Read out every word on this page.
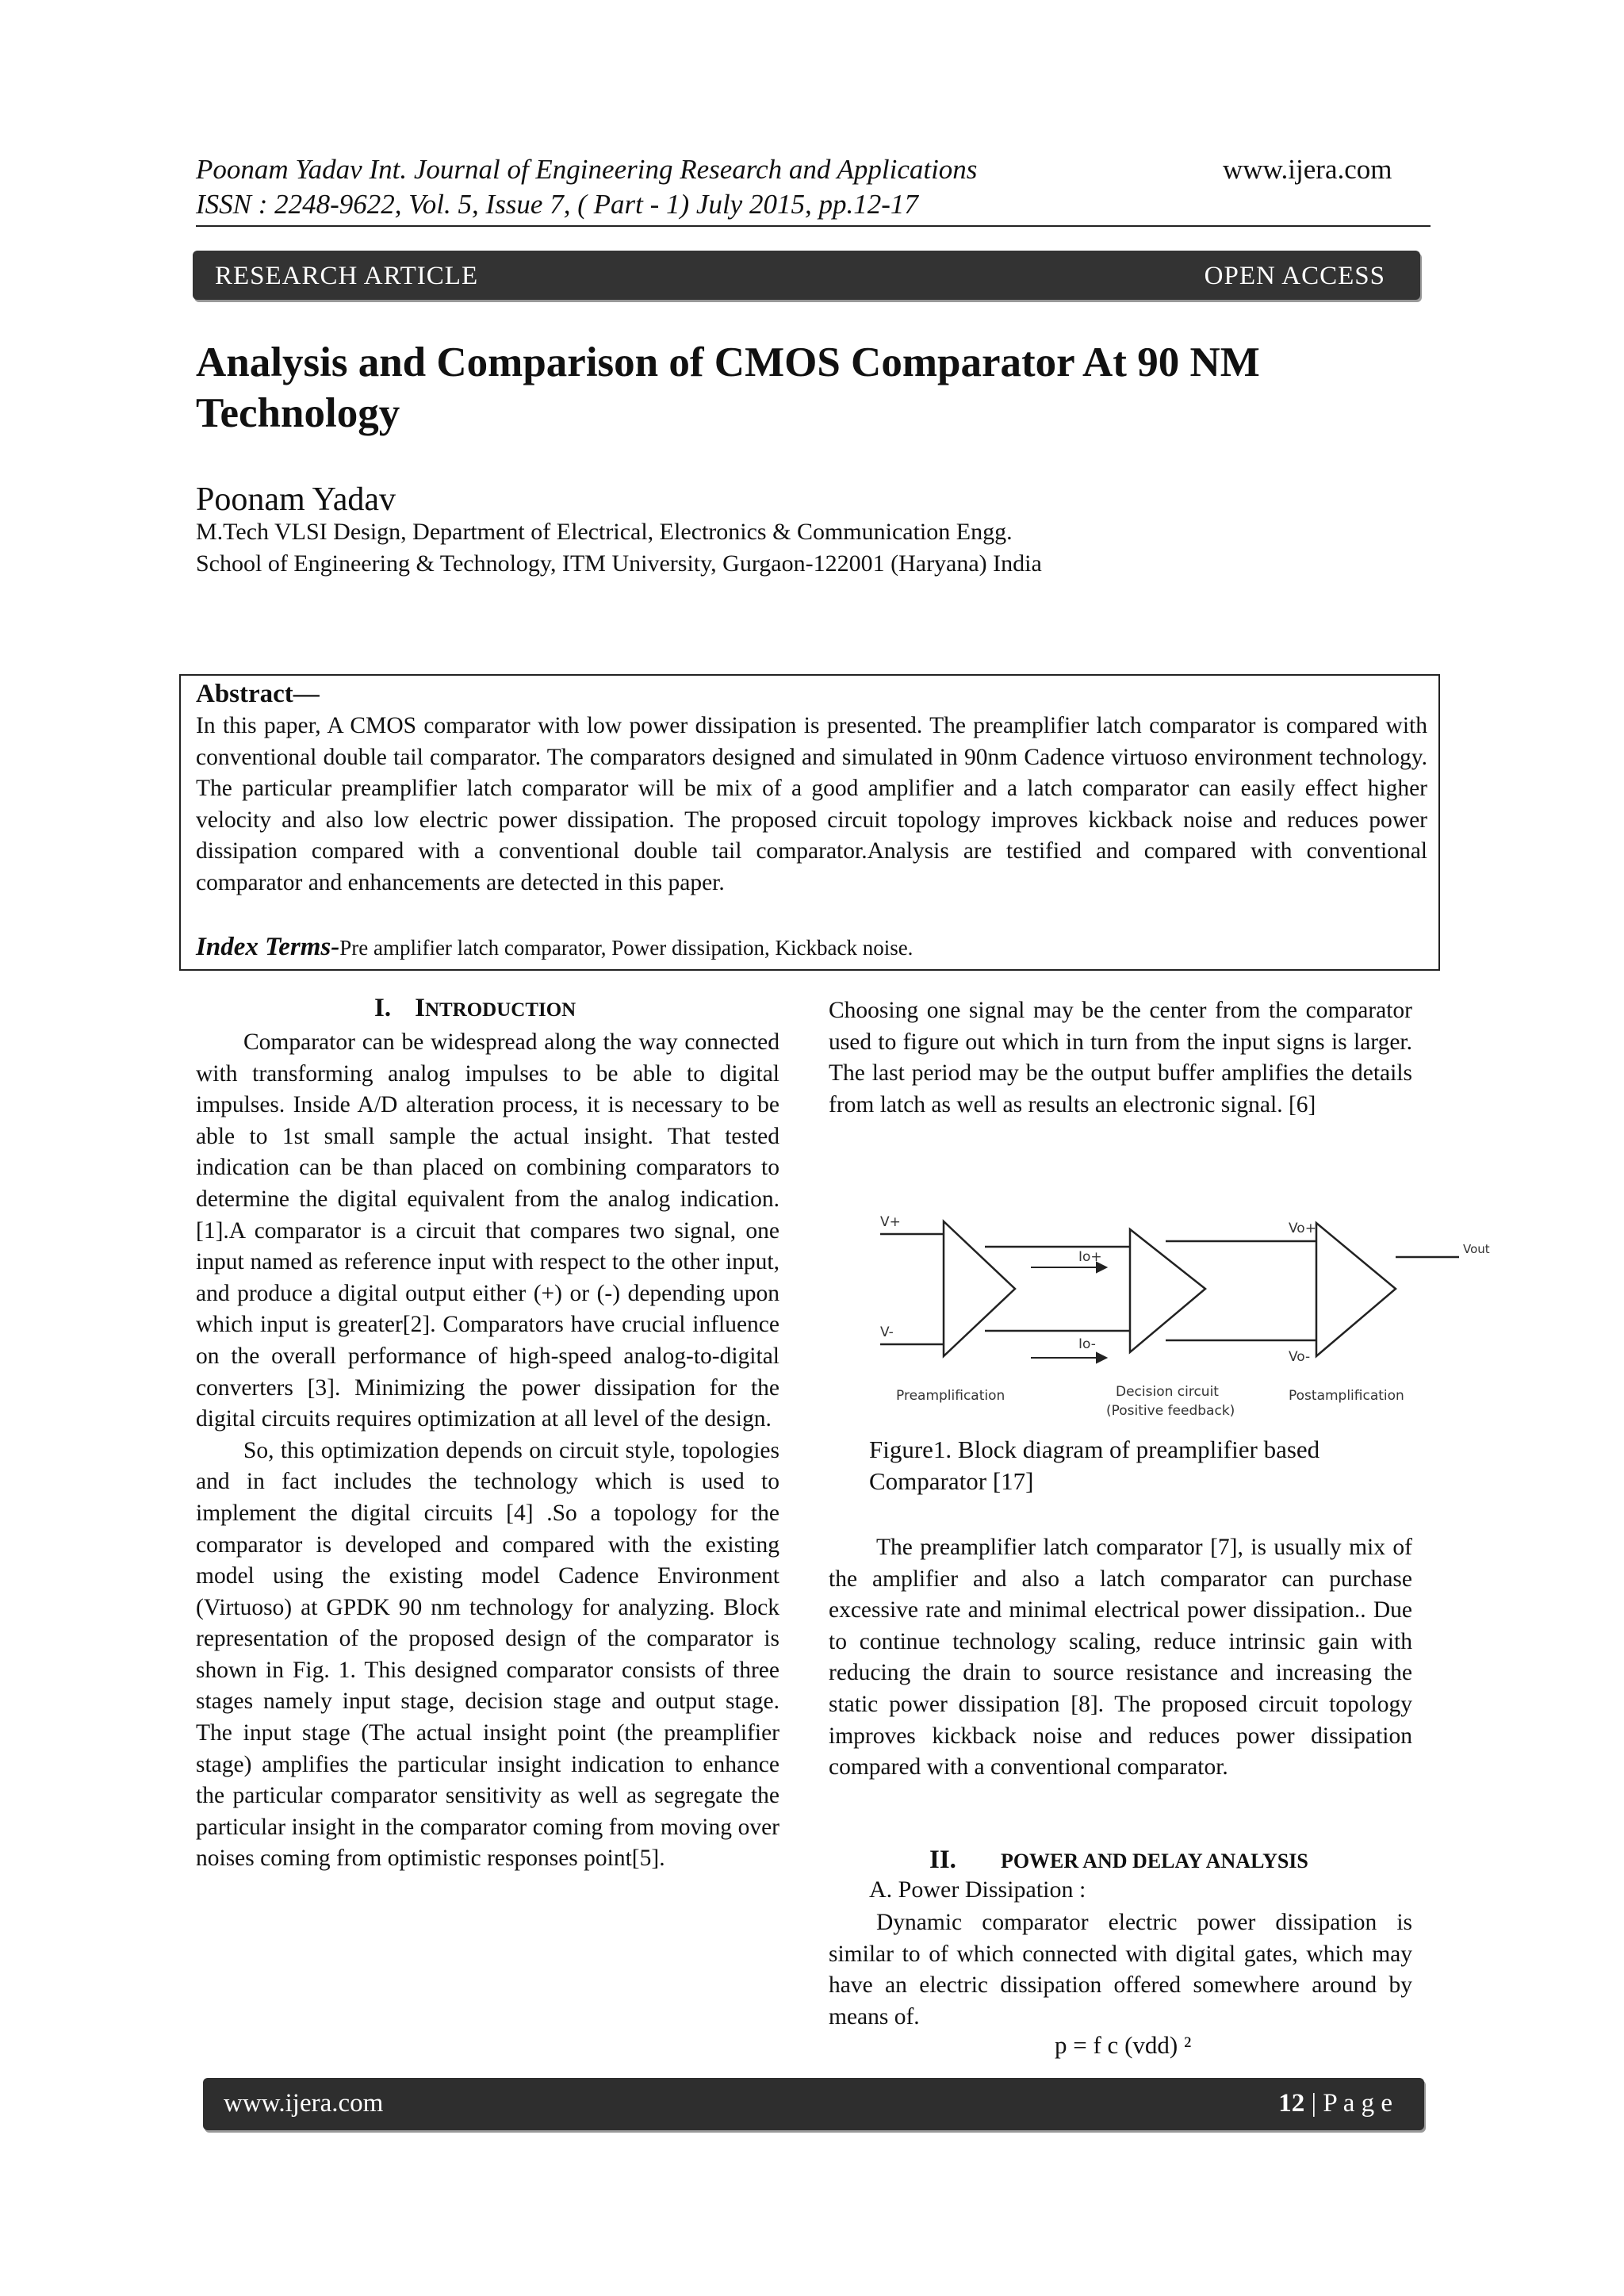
Poonam Yadav Int. Journal of Engineering Research and Applications	www.ijera.com
ISSN : 2248-9622, Vol. 5, Issue 7, ( Part - 1) July 2015, pp.12-17
RESEARCH ARTICLE	OPEN ACCESS
Analysis and Comparison of CMOS Comparator At 90 NM
Technology
Poonam Yadav
M.Tech VLSI Design, Department of Electrical, Electronics & Communication Engg.
School of Engineering & Technology, ITM University, Gurgaon-122001 (Haryana) India
Abstract—
In this paper, A CMOS comparator with low power dissipation is presented. The preamplifier latch comparator is compared with conventional double tail comparator. The comparators designed and simulated in 90nm Cadence virtuoso environment technology. The particular preamplifier latch comparator will be mix of a good amplifier and a latch comparator can easily effect higher velocity and also low electric power dissipation. The proposed circuit topology improves kickback noise and reduces power dissipation compared with a conventional double tail comparator.Analysis are testified and compared with conventional comparator and enhancements are detected in this paper.
Index Terms-Pre amplifier latch comparator, Power dissipation, Kickback noise.
I. INTRODUCTION

Comparator can be widespread along the way connected with transforming analog impulses to be able to digital impulses. Inside A/D alteration process, it is necessary to be able to 1st small sample the actual insight. That tested indication can be than placed on combining comparators to determine the digital equivalent from the analog indication. [1].A comparator is a circuit that compares two signal, one input named as reference input with respect to the other input, and produce a digital output either (+) or (-) depending upon which input is greater[2]. Comparators have crucial influence on the overall performance of high-speed analog-to-digital converters [3]. Minimizing the power dissipation for the digital circuits requires optimization at all level of the design.

So, this optimization depends on circuit style, topologies and in fact includes the technology which is used to implement the digital circuits [4] .So a topology for the comparator is developed and compared with the existing model using the existing model Cadence Environment (Virtuoso) at GPDK 90 nm technology for analyzing. Block representation of the proposed design of the comparator is shown in Fig. 1. This designed comparator consists of three stages namely input stage, decision stage and output stage. The input stage (The actual insight point (the preamplifier stage) amplifies the particular insight indication to enhance the particular comparator sensitivity as well as segregate the particular insight in the comparator coming from moving over noises coming from optimistic responses point[5].

Choosing one signal may be the center from the comparator used to figure out which in turn from the input signs is larger. The last period may be the output buffer amplifies the details from latch as well as results an electronic signal. [6]

V+
V-
Io+
Io-
Vo+
Vo-
Vout
Preamplification	Decision circuit
(Positive feedback)
Postamplification
Figure1. Block diagram of preamplifier based
Comparator [17]

The preamplifier latch comparator [7], is usually mix of the amplifier and also a latch comparator can purchase excessive rate and minimal electrical power dissipation.. Due to continue technology scaling, reduce intrinsic gain with reducing the drain to source resistance and increasing the static power dissipation [8]. The proposed circuit topology improves kickback noise and reduces power dissipation compared with a conventional comparator.

II. POWER AND DELAY ANALYSIS
A. Power Dissipation :

Dynamic comparator electric power dissipation is similar to of which connected with digital gates, which may have an electric dissipation offered somewhere around by means of.

p = f c (vdd) ²
www.ijera.com	12 | P a g e
